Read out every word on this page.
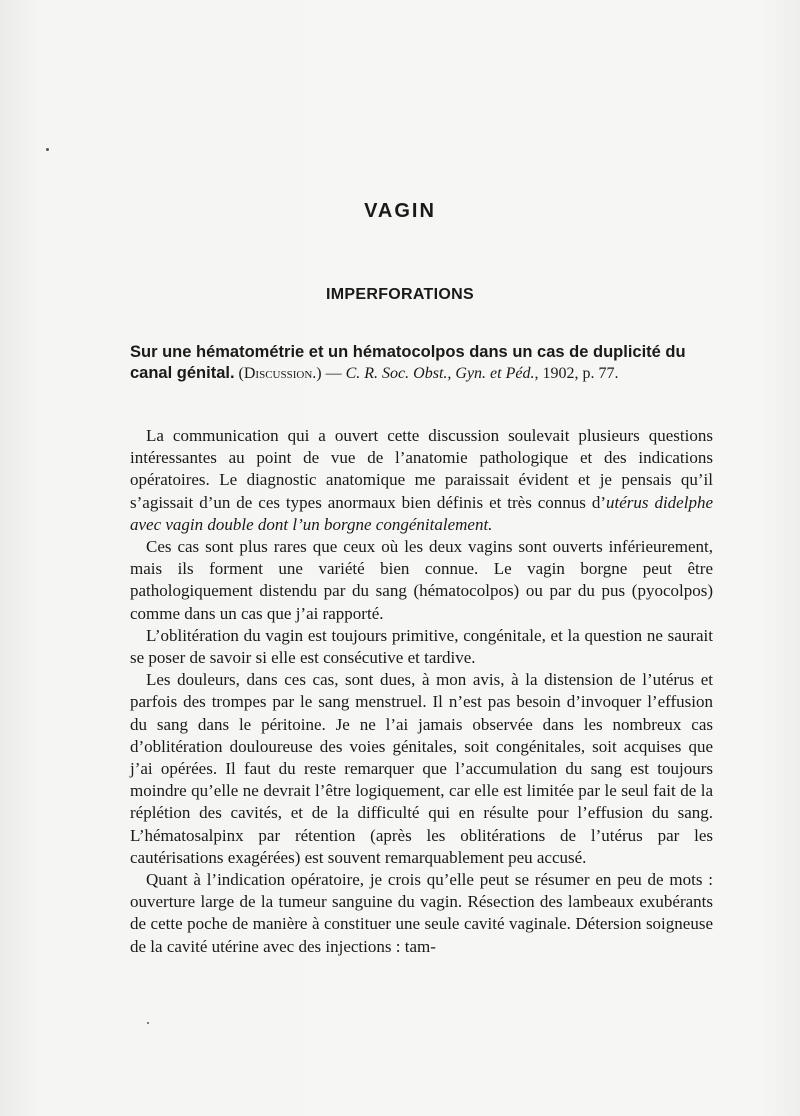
VAGIN
IMPERFORATIONS

Sur une hématométrie et un hématocolpos dans un cas de duplicité du canal génital. (Discussion.) — C. R. Soc. Obst., Gyn. et Péd., 1902, p. 77.

La communication qui a ouvert cette discussion soulevait plusieurs questions intéressantes au point de vue de l’anatomie pathologique et des indications opératoires. Le diagnostic anatomique me paraissait évident et je pensais qu’il s’agissait d’un de ces types anormaux bien définis et très connus d’utérus didelphe avec vagin double dont l’un borgne congénitalement.

Ces cas sont plus rares que ceux où les deux vagins sont ouverts inférieurement, mais ils forment une variété bien connue. Le vagin borgne peut être pathologiquement distendu par du sang (hématocolpos) ou par du pus (pyocolpos) comme dans un cas que j’ai rapporté.

L’oblitération du vagin est toujours primitive, congénitale, et la question ne saurait se poser de savoir si elle est consécutive et tardive.

Les douleurs, dans ces cas, sont dues, à mon avis, à la distension de l’utérus et parfois des trompes par le sang menstruel. Il n’est pas besoin d’invoquer l’effusion du sang dans le péritoine. Je ne l’ai jamais observée dans les nombreux cas d’oblitération douloureuse des voies génitales, soit congénitales, soit acquises que j’ai opérées. Il faut du reste remarquer que l’accumulation du sang est toujours moindre qu’elle ne devrait l’être logiquement, car elle est limitée par le seul fait de la réplétion des cavités, et de la difficulté qui en résulte pour l’effusion du sang. L’hématosalpinx par rétention (après les oblitérations de l’utérus par les cautérisations exagérées) est souvent remarquablement peu accusé.

Quant à l’indication opératoire, je crois qu’elle peut se résumer en peu de mots : ouverture large de la tumeur sanguine du vagin. Résection des lambeaux exubérants de cette poche de manière à constituer une seule cavité vaginale. Détersion soigneuse de la cavité utérine avec des injections : tam-
